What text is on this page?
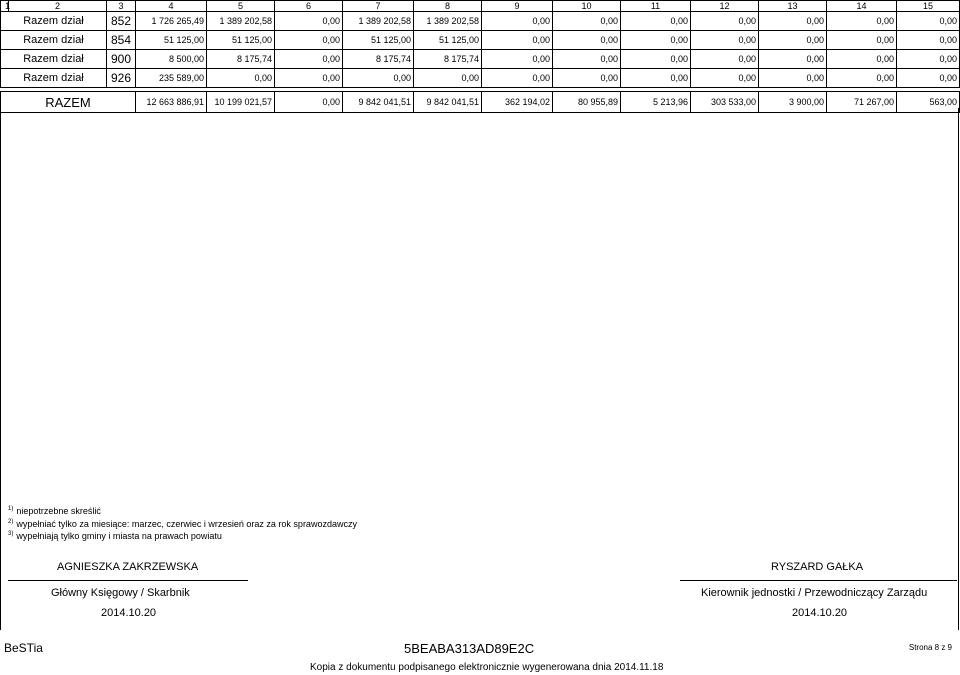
1	2	3	4	5	6	7	8	9	10	11	12	13	14	15
Razem dział		852	1 726 265,49	1 389 202,58	0,00	1 389 202,58	1 389 202,58	0,00	0,00	0,00	0,00	0,00	0,00	0,00
Razem dział		854	51 125,00	51 125,00	0,00	51 125,00	51 125,00	0,00	0,00	0,00	0,00	0,00	0,00	0,00
Razem dział		900	8 500,00	8 175,74	0,00	8 175,74	8 175,74	0,00	0,00	0,00	0,00	0,00	0,00	0,00
Razem dział		926	235 589,00	0,00	0,00	0,00	0,00	0,00	0,00	0,00	0,00	0,00	0,00	0,00

RAZEM			12 663 886,91	10 199 021,57	0,00	9 842 041,51	9 842 041,51	362 194,02	80 955,89	5 213,96	303 533,00	3 900,00	71 267,00	563,00
$^{1)}$ niepotrzebne skreślić
$^{2)}$ wypełniać tylko za miesiące: marzec, czerwiec i wrzesień oraz za rok sprawozdawczy
$^{3)}$ wypełniają tylko gminy i miasta na prawach powiatu
AGNIESZKA ZAKRZEWSKA
Główny Księgowy / Skarbnik
2014.10.20
RYSZARD GAŁKA
Kierownik jednostki / Przewodniczący Zarządu
2014.10.20
BeSTia	5BEABA313AD89E2C	Strona 8 z 9
Kopia z dokumentu podpisanego elektronicznie wygenerowana dnia 2014.11.18
